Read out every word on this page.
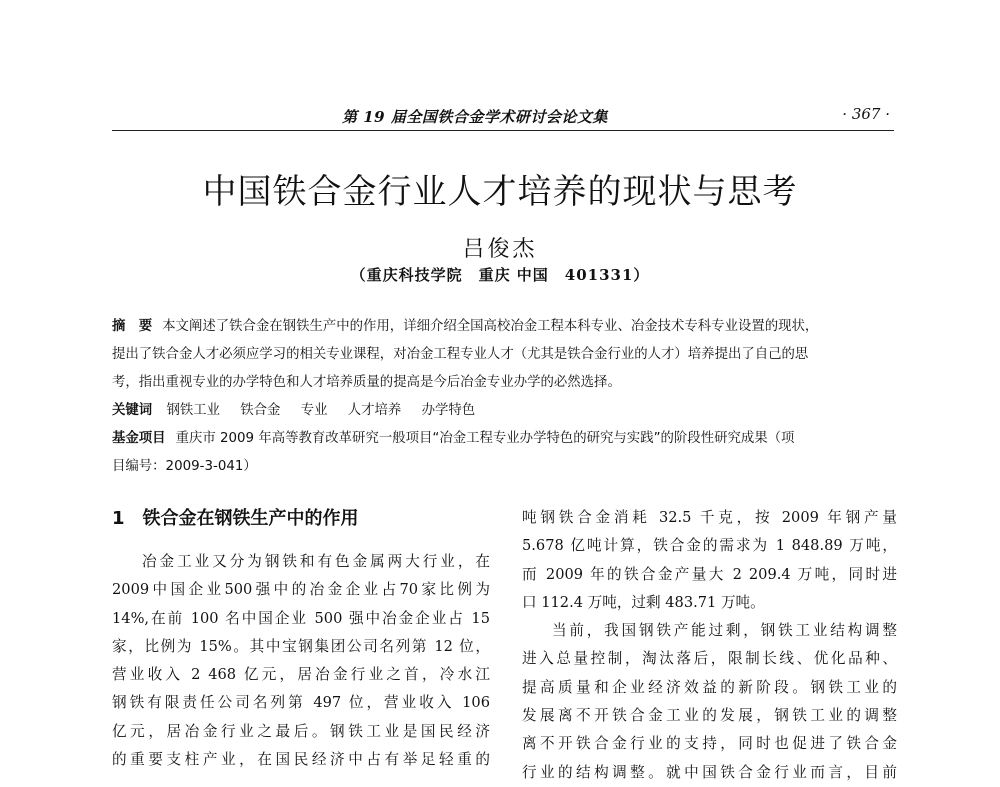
第 19 届全国铁合金学术研讨会论文集	· 367 ·
中国铁合金行业人才培养的现状与思考
吕俊杰
（重庆科技学院　重庆 中国　401331）
摘　要 本文阐述了铁合金在钢铁生产中的作用，详细介绍全国高校冶金工程本科专业、冶金技术专科专业设置的现状，
提出了铁合金人才必须应学习的相关专业课程，对冶金工程专业人才（尤其是铁合金行业的人才）培养提出了自己的思
考，指出重视专业的办学特色和人才培养质量的提高是今后冶金专业办学的必然选择。
关键词 钢铁工业 铁合金 专业 人才培养 办学特色
基金项目 重庆市 2009 年高等教育改革研究一般项目“冶金工程专业办学特色的研究与实践”的阶段性研究成果（项
目编号：2009-3-041）
1 铁合金在钢铁生产中的作用
冶金工业又分为钢铁和有色金属两大行业，在
2009中国企业500强中的冶金企业占70家比例为
14%,在前 100 名中国企业 500 强中冶金企业占 15
家，比例为 15%。其中宝钢集团公司名列第 12 位，
营业收入 2 468 亿元，居冶金行业之首，冷水江
钢铁有限责任公司名列第 497 位，营业收入 106
亿元，居冶金行业之最后。钢铁工业是国民经济
的重要支柱产业，在国民经济中占有举足轻重的
吨钢铁合金消耗 32.5 千克，按 2009 年钢产量
5.678 亿吨计算，铁合金的需求为 1 848.89 万吨，
而 2009 年的铁合金产量大 2 209.4 万吨，同时进
口 112.4 万吨，过剩 483.71 万吨。
当前，我国钢铁产能过剩，钢铁工业结构调整
进入总量控制，淘汰落后，限制长线、优化品种、
提高质量和企业经济效益的新阶段。钢铁工业的
发展离不开铁合金工业的发展，钢铁工业的调整
离不开铁合金行业的支持，同时也促进了铁合金
行业的结构调整。就中国铁合金行业而言，目前
